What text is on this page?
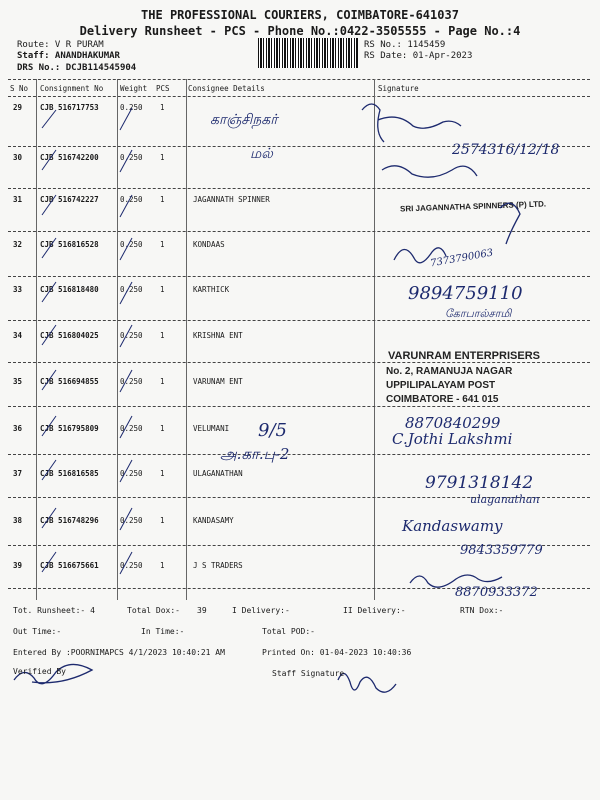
THE PROFESSIONAL COURIERS, COIMBATORE-641037
Delivery Runsheet - PCS - Phone No.:0422-3505555 - Page No.:4
Route: V R PURAM
Staff: ANANDHAKUMAR
DRS No.: DCJB114545904
RS No.: 1145459
RS Date: 01-Apr-2023
S No Consignment No Weight PCS Consignee Details	Signature
29 CJB 516717753	0.250 1
30 CJB 516742200	0.250 1
31 CJB 516742227	0.250 1	JAGANNATH SPINNER
32 CJB 516816528	0.250 1	KONDAAS
33 CJB 516818480	0.250 1	KARTHICK
34 CJB 516804025	0.250 1	KRISHNA ENT
35 CJB 516694855	0.250 1	VARUNAM ENT
36 CJB 516795809	0.250 1	VELUMANI
37 CJB 516816585	0.250 1	ULAGANATHAN
38 CJB 516748296	0.250 1	KANDASAMY
39 CJB 516675661	0.250 1	J S TRADERS
காஞ்சிநகர்
மல்	2574316/12/18
7373790063
9894759110
கோபால்சாமி
9/5
அ.கா.பு-2
8870840299
C.Jothi Lakshmi
9791318142
ulaganathan
Kandaswamy
9843359779
8870933372
SRI JAGANNATHA SPINNERS (P) LTD.
VARUNRAM ENTERPRISERS
No. 2, RAMANUJA NAGAR
UPPILIPALAYAM POST
COIMBATORE - 641 015
Tot. Runsheet:- 4	Total Dox:- 39	I Delivery:-	II Delivery:-	RTN Dox:-
Out Time:-	In Time:-	Total POD:-
Entered By :POORNIMAPCS 4/1/2023 10:40:21 AM	Printed On: 01-04-2023 10:40:36
Verified By	Staff Signature
